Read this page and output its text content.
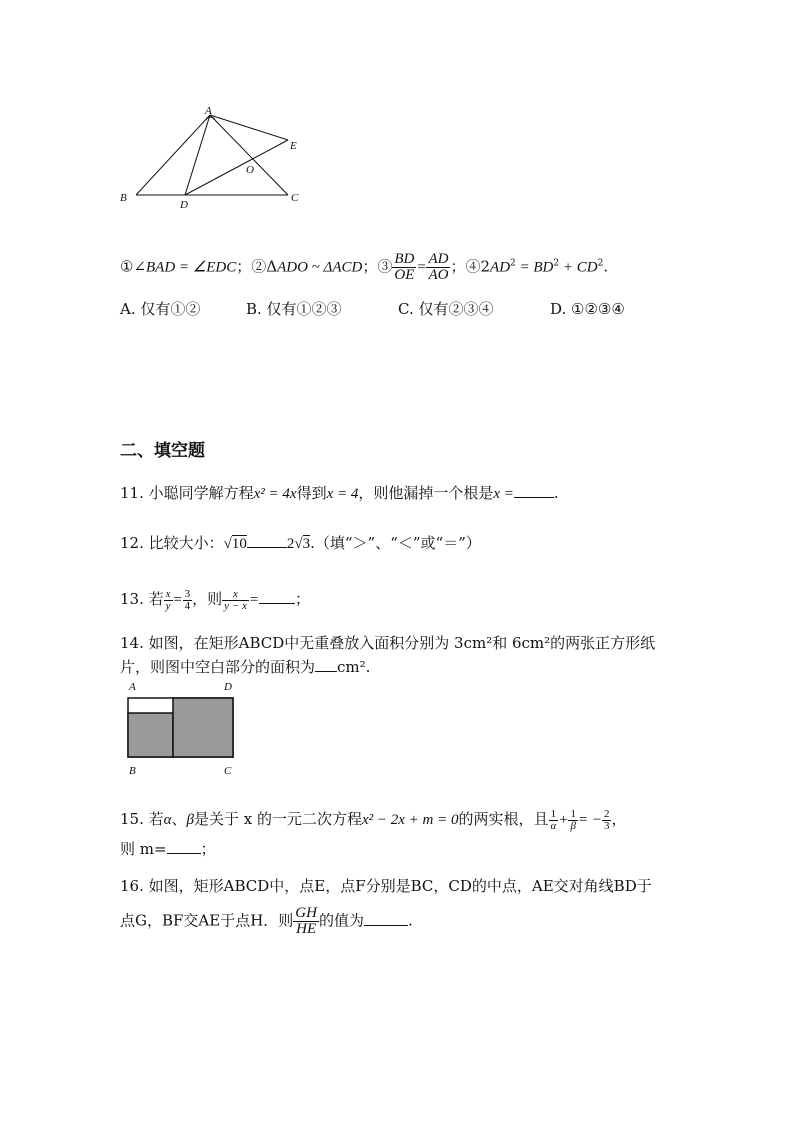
A
E
O
B
D
C
①∠BAD = ∠EDC；②ΔADO ~ ΔACD；③ $\frac{BD}{OE} = \frac{AD}{AO}$ ；$④2AD^2 = BD^2 + CD^2$.
A. 仅有①②	B. 仅有①②③	C. 仅有②③④	D. ①②③④
二、填空题
11. 小聪同学解方程x² = 4x得到x = 4，则他漏掉一个根是x =	.
12. 比较大小：√10	2√3.（填“＞”、“＜”或“＝”）
13. 若 $\frac{x}{y} = \frac{3}{4}$ ，则 $\frac{x}{y - x}$ = ；
14. 如图，在矩形ABCD中无重叠放入面积分别为 3cm²和 6cm²的两张正方形纸
片，则图中空白部分的面积为 cm².
A	D
B	C
15. 若α、β是关于 x 的一元二次方程x² − 2x + m = 0的两实根，且 $\frac{1}{\alpha} + \frac{1}{\beta}$ = − $\frac{2}{3}$ ，
则 m= ；
16. 如图，矩形ABCD中，点E，点F分别是BC，CD的中点，AE交对角线BD于
点G，BF交AE于点H．则 $\frac{GH}{HE}$ 的值为	.
